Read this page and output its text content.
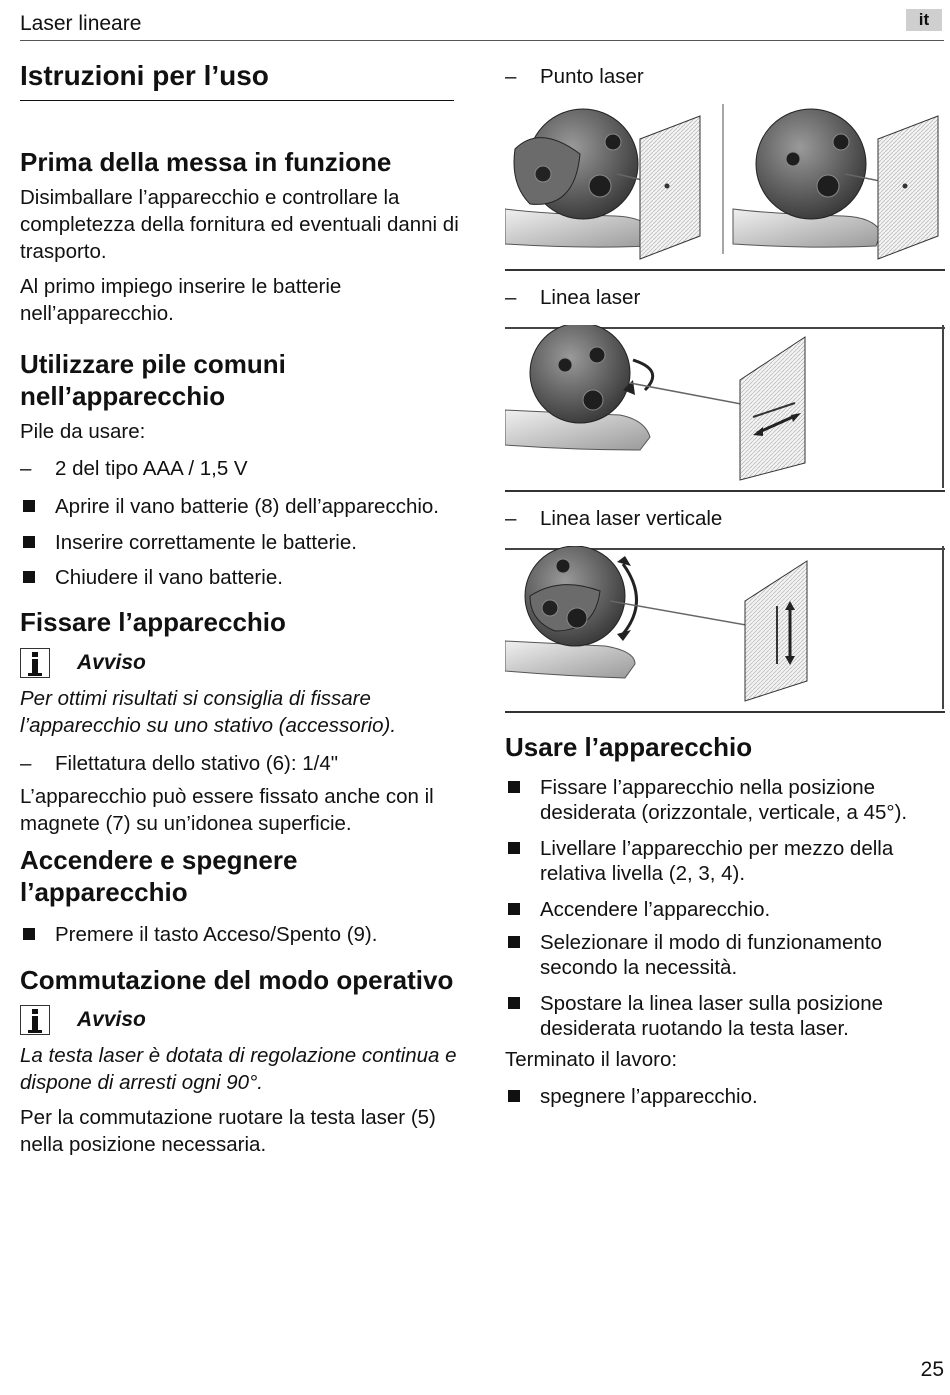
Laser lineare	it
Istruzioni per l’uso
Prima della messa in funzione

Disimballare l’apparecchio e controllare la completezza della fornitura ed eventuali danni di trasporto.

Al primo impiego inserire le batterie nell’apparecchio.

Utilizzare pile comuni nell’apparecchio

Pile da usare:

– 2 del tipo AAA / 1,5 V
Aprire il vano batterie (8) dell’apparecchio.
Inserire correttamente le batterie.
Chiudere il vano batterie.
Fissare l’apparecchio
Avviso

Per ottimi risultati si consiglia di fissare l’apparecchio su uno stativo (accessorio).

– Filettatura dello stativo (6): 1/4"

L’apparecchio può essere fissato anche con il magnete (7) su un’idonea superficie.

Accendere e spegnere l’apparecchio
Premere il tasto Acceso/Spento (9).
Commutazione del modo operativo
Avviso

La testa laser è dotata di regolazione continua e dispone di arresti ogni 90°.

Per la commutazione ruotare la testa laser (5) nella posizione necessaria.

– Punto laser
– Linea laser
– Linea laser verticale
Usare l’apparecchio
Fissare l’apparecchio nella posizione desiderata (orizzontale, verticale, a 45°).
Livellare l’apparecchio per mezzo della relativa livella (2, 3, 4).
Accendere l’apparecchio.
Selezionare il modo di funzionamento secondo la necessità.
Spostare la linea laser sulla posizione desiderata ruotando la testa laser.

Terminato il lavoro:

spegnere l’apparecchio.
25
